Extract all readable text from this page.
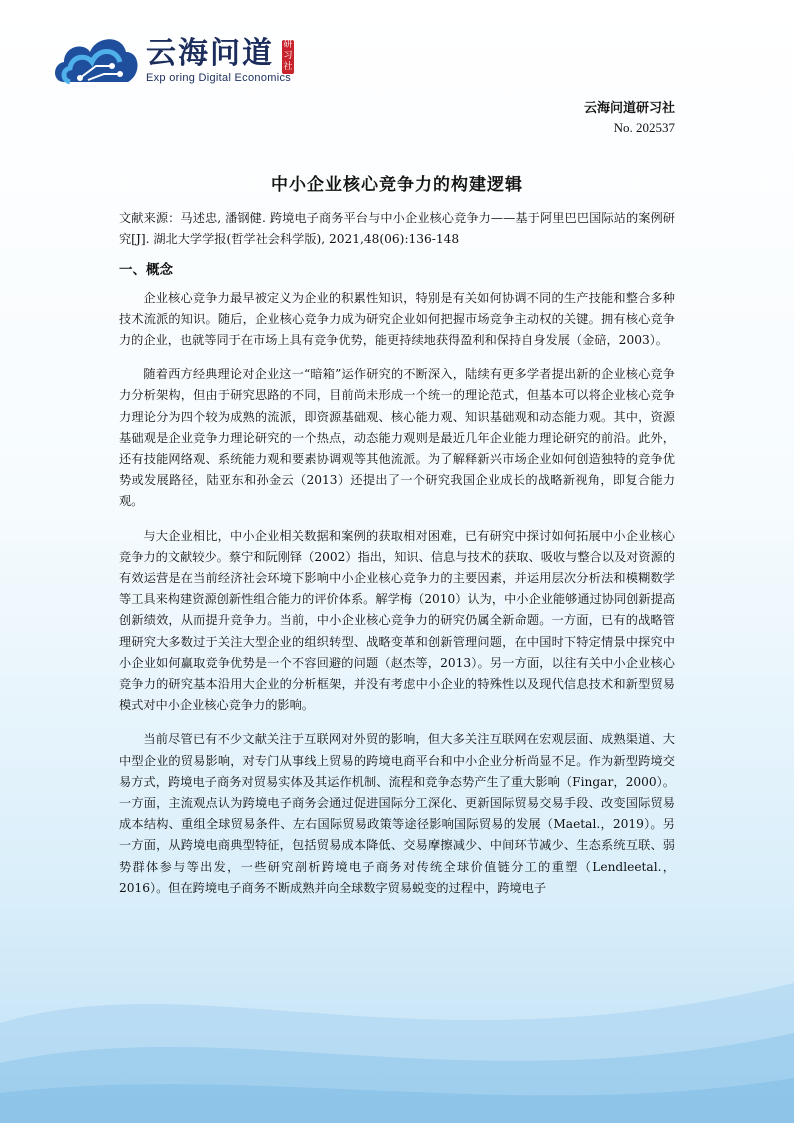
云海问道 研习社
Exp oring Digital Economics
云海问道研习社
No. 202537
中小企业核心竞争力的构建逻辑
文献来源：马述忠, 潘钢健. 跨境电子商务平台与中小企业核心竞争力——基于阿里巴巴国际站的案例研究[J]. 湖北大学学报(哲学社会科学版), 2021,48(06):136-148
一、概念

企业核心竞争力最早被定义为企业的积累性知识，特别是有关如何协调不同的生产技能和整合多种技术流派的知识。随后，企业核心竞争力成为研究企业如何把握市场竞争主动权的关键。拥有核心竞争力的企业，也就等同于在市场上具有竞争优势，能更持续地获得盈利和保持自身发展（金碚，2003）。

随着西方经典理论对企业这一“暗箱”运作研究的不断深入，陆续有更多学者提出新的企业核心竞争力分析架构，但由于研究思路的不同，目前尚未形成一个统一的理论范式，但基本可以将企业核心竞争力理论分为四个较为成熟的流派，即资源基础观、核心能力观、知识基础观和动态能力观。其中，资源基础观是企业竞争力理论研究的一个热点，动态能力观则是最近几年企业能力理论研究的前沿。此外，还有技能网络观、系统能力观和要素协调观等其他流派。为了解释新兴市场企业如何创造独特的竞争优势或发展路径，陆亚东和孙金云（2013）还提出了一个研究我国企业成长的战略新视角，即复合能力观。

与大企业相比，中小企业相关数据和案例的获取相对困难，已有研究中探讨如何拓展中小企业核心竞争力的文献较少。蔡宁和阮刚铎（2002）指出，知识、信息与技术的获取、吸收与整合以及对资源的有效运营是在当前经济社会环境下影响中小企业核心竞争力的主要因素，并运用层次分析法和模糊数学等工具来构建资源创新性组合能力的评价体系。解学梅（2010）认为，中小企业能够通过协同创新提高创新绩效，从而提升竞争力。当前，中小企业核心竞争力的研究仍属全新命题。一方面，已有的战略管理研究大多数过于关注大型企业的组织转型、战略变革和创新管理问题，在中国时下特定情景中探究中小企业如何赢取竞争优势是一个不容回避的问题（赵杰等，2013）。另一方面，以往有关中小企业核心竞争力的研究基本沿用大企业的分析框架，并没有考虑中小企业的特殊性以及现代信息技术和新型贸易模式对中小企业核心竞争力的影响。

当前尽管已有不少文献关注于互联网对外贸的影响，但大多关注互联网在宏观层面、成熟渠道、大中型企业的贸易影响，对专门从事线上贸易的跨境电商平台和中小企业分析尚显不足。作为新型跨境交易方式，跨境电子商务对贸易实体及其运作机制、流程和竞争态势产生了重大影响（Fingar，2000）。一方面，主流观点认为跨境电子商务会通过促进国际分工深化、更新国际贸易交易手段、改变国际贸易成本结构、重组全球贸易条件、左右国际贸易政策等途径影响国际贸易的发展（Maetal.，2019）。另一方面，从跨境电商典型特征，包括贸易成本降低、交易摩擦减少、中间环节减少、生态系统互联、弱势群体参与等出发，一些研究剖析跨境电子商务对传统全球价值链分工的重塑（Lendleetal.，2016）。但在跨境电子商务不断成熟并向全球数字贸易蜕变的过程中，跨境电子
